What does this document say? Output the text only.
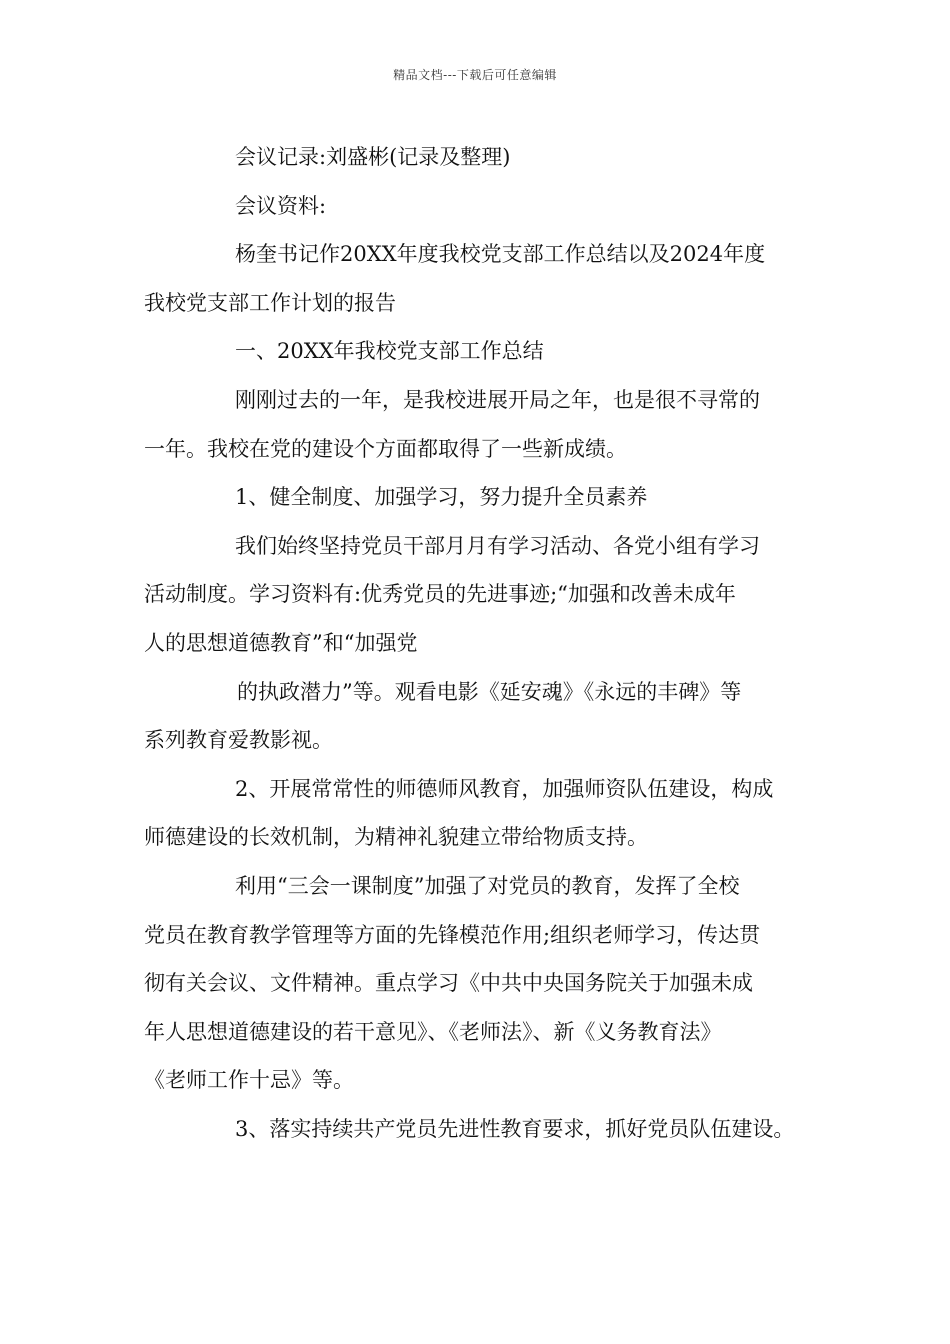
精品文档---下载后可任意编辑

会议记录:刘盛彬(记录及整理)

会议资料:

杨奎书记作20XX年度我校党支部工作总结以及2024年度

我校党支部工作计划的报告

一、20XX年我校党支部工作总结

刚刚过去的一年，是我校进展开局之年，也是很不寻常的

一年。我校在党的建设个方面都取得了一些新成绩。

1、健全制度、加强学习，努力提升全员素养

我们始终坚持党员干部月月有学习活动、各党小组有学习

活动制度。学习资料有:优秀党员的先进事迹;“加强和改善未成年

人的思想道德教育”和“加强党

的执政潜力”等。观看电影《延安魂》《永远的丰碑》等

系列教育爱教影视。

2、开展常常性的师德师风教育，加强师资队伍建设，构成

师德建设的长效机制，为精神礼貌建立带给物质支持。

利用“三会一课制度”加强了对党员的教育，发挥了全校

党员在教育教学管理等方面的先锋模范作用;组织老师学习，传达贯

彻有关会议、文件精神。重点学习《中共中央国务院关于加强未成

年人思想道德建设的若干意见》、《老师法》、新《义务教育法》

《老师工作十忌》等。

3、落实持续共产党员先进性教育要求，抓好党员队伍建设。
